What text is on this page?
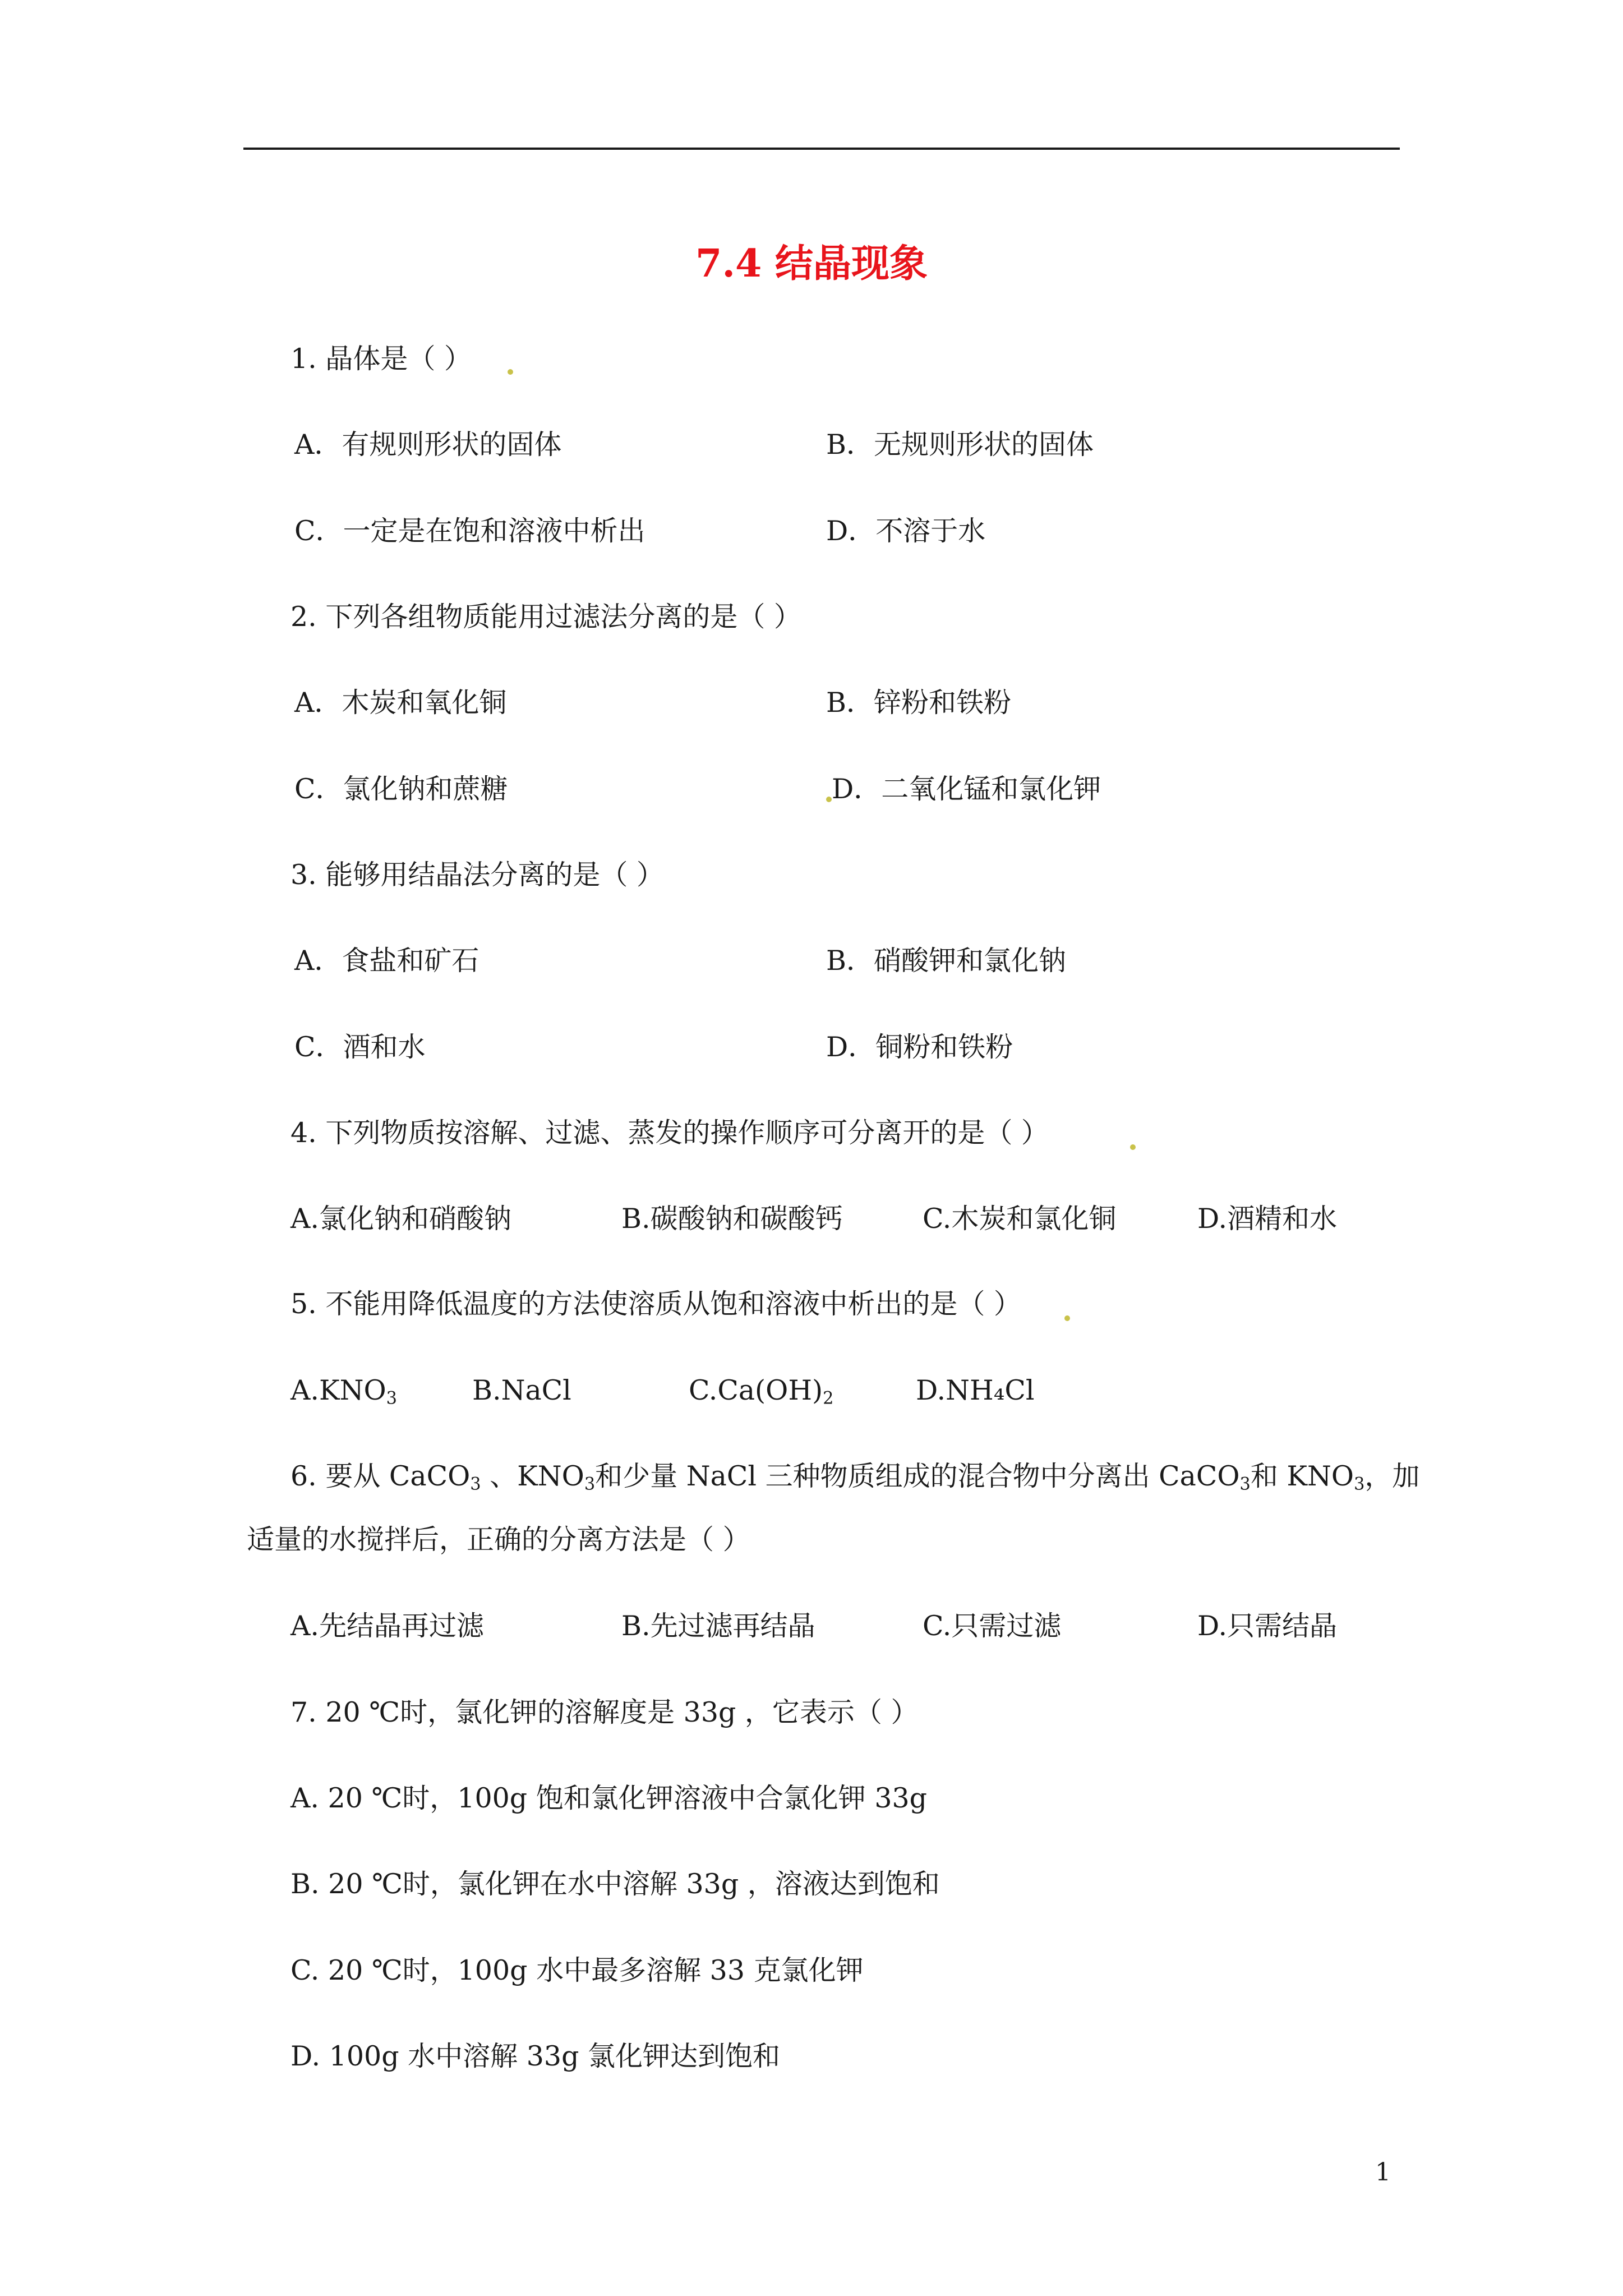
7.4 结晶现象
1. 晶体是（ ）
A．有规则形状的固体	B．无规则形状的固体
C．一定是在饱和溶液中析出	D．不溶于水
2. 下列各组物质能用过滤法分离的是（ ）
A．木炭和氧化铜	B．锌粉和铁粉
C．氯化钠和蔗糖	D．二氧化锰和氯化钾
3. 能够用结晶法分离的是（ ）
A．食盐和矿石	B．硝酸钾和氯化钠
C．酒和水	D．铜粉和铁粉
4. 下列物质按溶解、过滤、蒸发的操作顺序可分离开的是（ ）
A.氯化钠和硝酸钠	B.碳酸钠和碳酸钙	C.木炭和氯化铜	D.酒精和水
5. 不能用降低温度的方法使溶质从饱和溶液中析出的是（ ）
$A.KNO_3$	B.NaCl	$C.Ca(OH)_2$	D.NH₄Cl
6. 要从 CaCO$_3$ 、$KNO_3$和少量 NaCl 三种物质组成的混合物中分离出 CaCO$_3$和 $KNO_3$，加
适量的水搅拌后，正确的分离方法是（ ）
A.先结晶再过滤	B.先过滤再结晶	C.只需过滤	D.只需结晶
7. 20 ℃时，氯化钾的溶解度是 33g ，它表示（ ）
A. 20 ℃时，100g 饱和氯化钾溶液中合氯化钾 33g
B. 20 ℃时，氯化钾在水中溶解 33g ，溶液达到饱和
C. 20 ℃时，100g 水中最多溶解 33 克氯化钾
D. 100g 水中溶解 33g 氯化钾达到饱和
1
